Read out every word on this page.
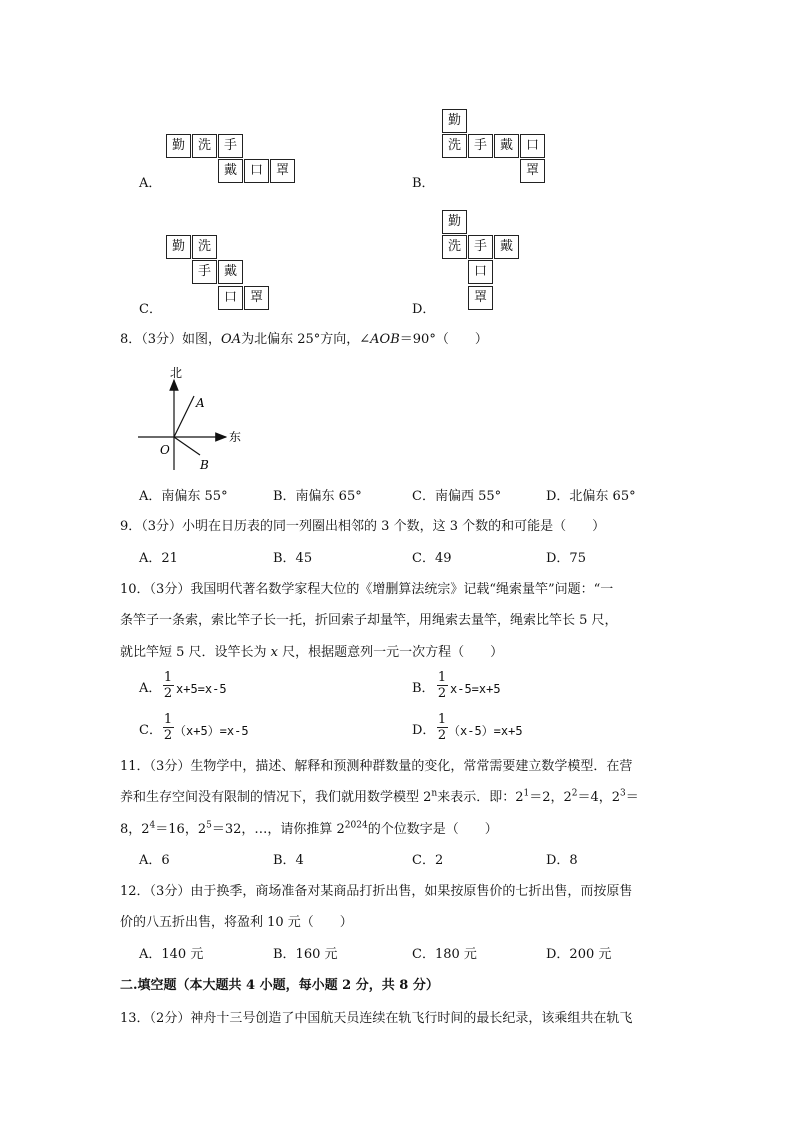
勤 洗 手
戴 口 罩
A．
勤
洗 手 戴 口
罩
B．
勤 洗
手 戴
口 罩
C．
勤
洗 手 戴
口
罩
D．
8．（3分）如图，OA为北偏东 25°方向，∠AOB＝90°（　　）
北
东
O
A
B
A．南偏东 55°	B．南偏东 65°	C．南偏西 55°	D．北偏东 65°
9．（3分）小明在日历表的同一列圈出相邻的 3 个数，这 3 个数的和可能是（　　）
A．21	B．45	C．49	D．75
10．（3分）我国明代著名数学家程大位的《增删算法统宗》记载“绳索量竿”问题：“一
条竿子一条索，索比竿子长一托，折回索子却量竿，用绳索去量竿，绳索比竿长 5 尺，
就比竿短 5 尺．设竿长为 x 尺，根据题意列一元一次方程（　　）
A．
1
2 x+5=x-5	B．
1
2 x-5=x+5
C．
1
2 （x+5）=x-5	D．
1
2 （x-5）=x+5
11．（3分）生物学中，描述、解释和预测种群数量的变化，常常需要建立数学模型．在营
养和生存空间没有限制的情况下，我们就用数学模型 2$^n$来表示．即：$2^1=2$，$2^2=4$，$2^3=$
8，$2^4=16$，$2^5=32$，…，请你推算 $2^{2024}$的个位数字是（　　）
A．6	B．4	C．2	D．8
12．（3分）由于换季，商场准备对某商品打折出售，如果按原售价的七折出售，而按原售
价的八五折出售，将盈利 10 元（　　）
A．140 元	B．160 元	C．180 元	D．200 元
二.填空题（本大题共 4 小题，每小题 2 分，共 8 分）
13．（2分）神舟十三号创造了中国航天员连续在轨飞行时间的最长纪录，该乘组共在轨飞
